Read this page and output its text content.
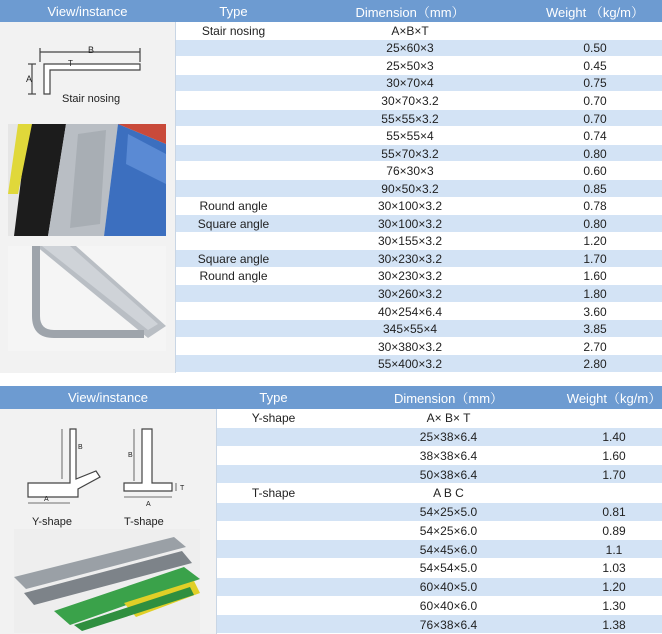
View/instance	Type	Dimension（mm）	Weight （kg/m）
Stair nosing	A×B×T
25×60×3	0.50
25×50×3	0.45
30×70×4	0.75
30×70×3.2	0.70
55×55×3.2	0.70
55×55×4	0.74
55×70×3.2	0.80
76×30×3	0.60
90×50×3.2	0.85
Round angle	30×100×3.2	0.78
Square angle	30×100×3.2	0.80
30×155×3.2	1.20
Square angle	30×230×3.2	1.70
Round angle	30×230×3.2	1.60
30×260×3.2	1.80
40×254×6.4	3.60
345×55×4	3.85
30×380×3.2	2.70
55×400×3.2	2.80
B
A
T
Stair nosing
View/instance	Type	Dimension（mm）	Weight（kg/m）
Y-shape	A× B× T
25×38×6.4	1.40
38×38×6.4	1.60
50×38×6.4	1.70
T-shape	A B C
54×25×5.0	0.81
54×25×6.0	0.89
54×45×6.0	1.1
54×54×5.0	1.03
60×40×5.0	1.20
60×40×6.0	1.30
76×38×6.4	1.38
A
B
B
A
T
Y-shape	T-shape
